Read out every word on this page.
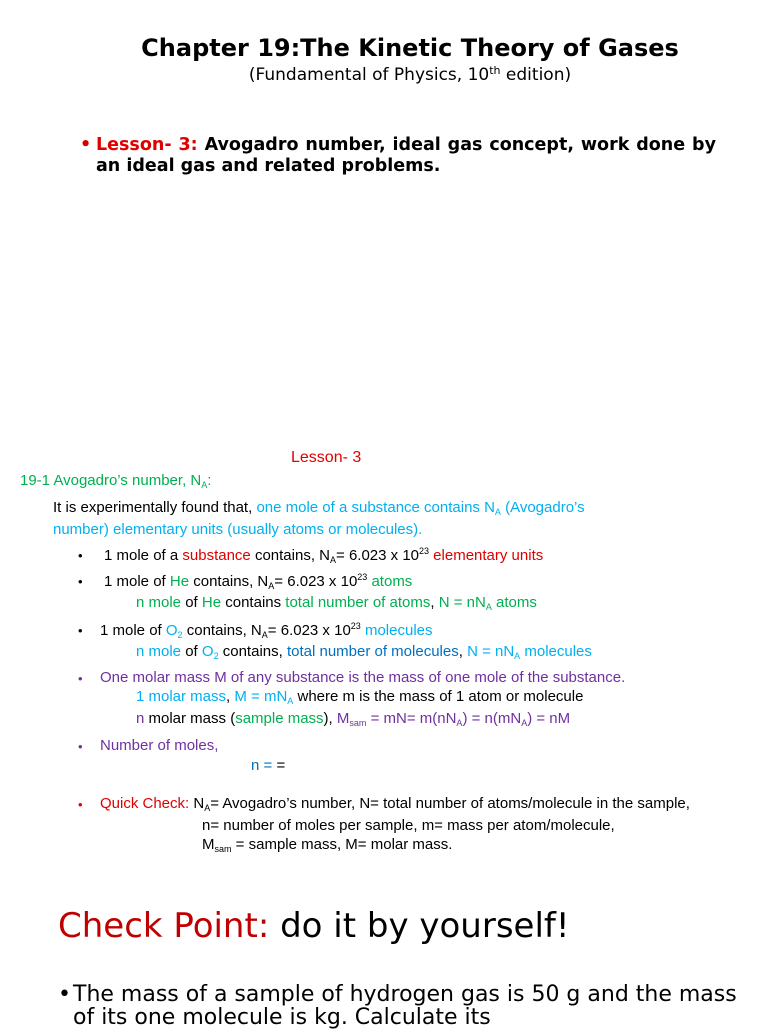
Chapter 19:The Kinetic Theory of Gases
(Fundamental of Physics, 10th edition)
• Lesson- 3: Avogadro number, ideal gas concept, work done by an ideal gas and related problems.
Lesson- 3
19-1 Avogadro’s number, $N_A$:
It is experimentally found that, one mole of a substance contains $N_A$ (Avogadro’s
number) elementary units (usually atoms or molecules).
• 1 mole of a substance contains, $N_A= 6.023$ x $10^{23}$ elementary units
• 1 mole of He contains, $N_A= 6.023$ x $10^{23}$ atoms
n mole of He contains total number of atoms, $N = nN_A$ atoms
• 1 mole of $O_2$ contains, $N_A= 6.023$ x $10^{23}$ molecules
n mole of $O_2$ contains, total number of molecules, $N = nN_A$ molecules
• One molar mass M of any substance is the mass of one mole of the substance.
1 molar mass, $M = mN_A$ where m is the mass of 1 atom or molecule
n molar mass (sample mass), $M_{sam} = mN= m(nN_A) = n(mN_A)$ = nM
• Number of moles,
n = =
• Quick Check: $N_A=$ Avogadro’s number, N= total number of atoms/molecule in the sample,
n= number of moles per sample, m= mass per atom/molecule,
$M_{sam}$ = sample mass, M= molar mass.
Check Point: do it by yourself!
• The mass of a sample of hydrogen gas is 50 g and the mass of its one molecule is kg. Calculate its
